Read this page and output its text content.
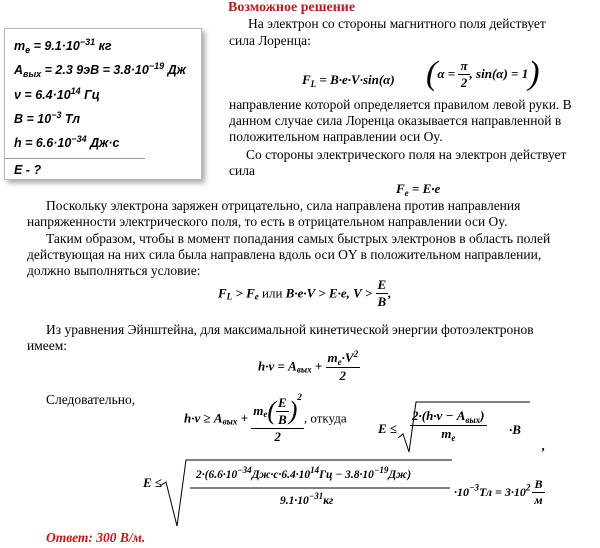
Возможное решение
$m_e = 9.1\cdot 10^{-31}$ кг
$A_{вых} = 2.3$ $9эВ = 3.8\cdot 10^{-19}$ Дж
$\nu = 6.4\cdot 10^{14}$ Гц
$B = 10^{-3}$ Тл
$h = 6.6\cdot 10^{-34}$ Дж·с
E - ?
На электрон со стороны магнитного поля действует
сила Лоренца:
$F_L = B\cdot e\cdot V\cdot\sin(\alpha) (\alpha = \frac{\pi}{2}$ , sin(α) = 1)
направление которой определяется правилом левой руки. В
данном случае сила Лоренца оказывается направленной в
положительном направлении оси Oy.
Со стороны электрического поля на электрон действует
сила
$F_e = E\cdot e$
Поскольку электрона заряжен отрицательно, сила направлена против направления
напряженности электрического поля, то есть в отрицательном направлении оси Oy.
Таким образом, чтобы в момент попадания самых быстрых электронов в область полей
действующая на них сила была направлена вдоль оси OY в положительном направлении,
должно выполняться условие:
$F_L > F_e$ или B·e·V > E·e, $V > \frac{E}{B}$ ,
Из уравнения Эйнштейна, для максимальной кинетической энергии фотоэлектронов
имеем:
$h\cdot\nu = A_{вых} + \frac{m_e\cdot V^2}{2}$
Следовательно,
$h\cdot\nu \ge A_{вых} + \frac{m_e( \frac{E}{B} )^2}{2}$ , откуда
$E \le \frac{2\cdot(h\cdot\nu - A_{вых})}{m_e} \cdot B$
,
E ≤	$2\cdot(6.6\cdot 10^{-34}Дж\cdot с\cdot 6.4\cdot 10^{14}Гц - 3.8\cdot 10^{-19}Дж)$
$9.1\cdot 10^{-31}кг$
$\cdot 10^{-3}Тл = 3\cdot 10^2 \frac{В}{м}$
Ответ: 300 В/м.
